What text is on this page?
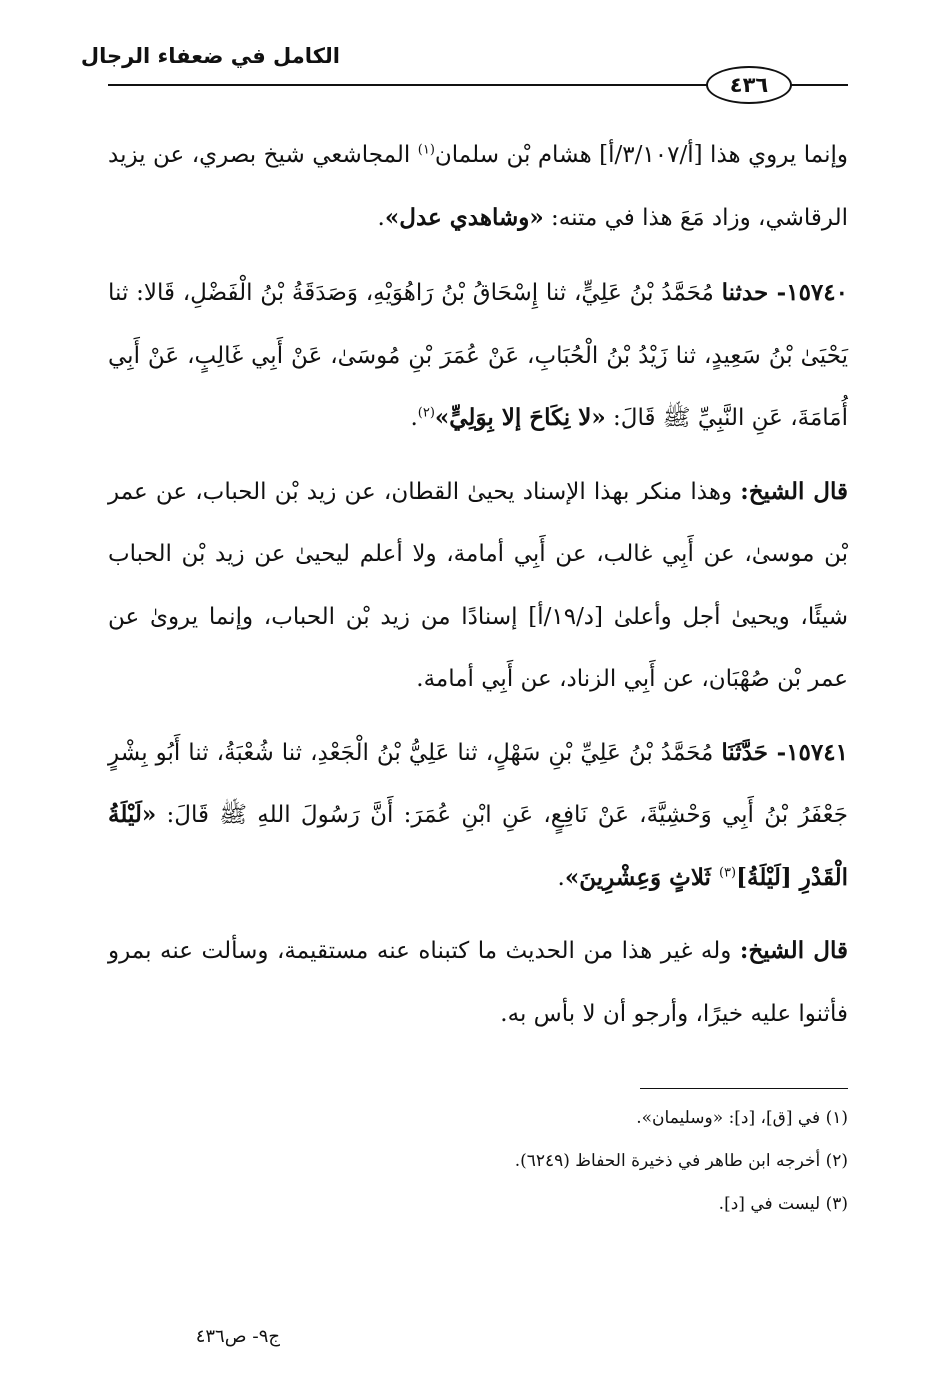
الكامل في ضعفاء الرجال
٤٣٦

وإنما يروي هذا [أ/٣/١٠٧/أ] هشام بْن سلمان$^{(١)}$ المجاشعي شيخ بصري، عن يزيد الرقاشي، وزاد مَعَ هذا في متنه: «وشاهدي عدل».

١٥٧٤٠- حدثنا مُحَمَّدُ بْنُ عَلِيٍّ، ثنا إِسْحَاقُ بْنُ رَاهُوَيْهِ، وَصَدَقَةُ بْنُ الْفَضْلِ، قَالا: ثنا يَحْيَىٰ بْنُ سَعِيدٍ، ثنا زَيْدُ بْنُ الْحُبَابِ، عَنْ عُمَرَ بْنِ مُوسَىٰ، عَنْ أَبِي غَالِبٍ، عَنْ أَبِي أُمَامَةَ، عَنِ النَّبِيِّ ﷺ قَالَ: «لا نِكَاحَ إلا بِوَلِيٍّ»$^{(٢)}$.

قال الشيخ: وهذا منكر بهذا الإسناد يحيىٰ القطان، عن زيد بْن الحباب، عن عمر بْن موسىٰ، عن أَبِي غالب، عن أَبِي أمامة، ولا أعلم ليحيىٰ عن زيد بْن الحباب شيئًا، ويحيىٰ أجل وأعلىٰ [د/١٩/أ] إسنادًا من زيد بْن الحباب، وإنما يروىٰ عن عمر بْن صُهْبَان، عن أَبِي الزناد، عن أَبِي أمامة.

١٥٧٤١- حَدَّثَنَا مُحَمَّدُ بْنُ عَلِيِّ بْنِ سَهْلٍ، ثنا عَلِيُّ بْنُ الْجَعْدِ، ثنا شُعْبَةُ، ثنا أَبُو بِشْرٍ جَعْفَرُ بْنُ أَبِي وَحْشِيَّةَ، عَنْ نَافِعٍ، عَنِ ابْنِ عُمَرَ: أَنَّ رَسُولَ اللهِ ﷺ قَالَ: «لَيْلَةُ الْقَدْرِ [لَيْلَةُ]$^{(٣)}$ ثَلاثٍ وَعِشْرِينَ».

قال الشيخ: وله غير هذا من الحديث ما كتبناه عنه مستقيمة، وسألت عنه بمرو فأثنوا عليه خيرًا، وأرجو أن لا بأس به.

(١) في [ق]، [د]: «وسليمان».
(٢) أخرجه ابن طاهر في ذخيرة الحفاظ (٦٢٤٩).
(٣) ليست في [د].
ج٩- ص٤٣٦
